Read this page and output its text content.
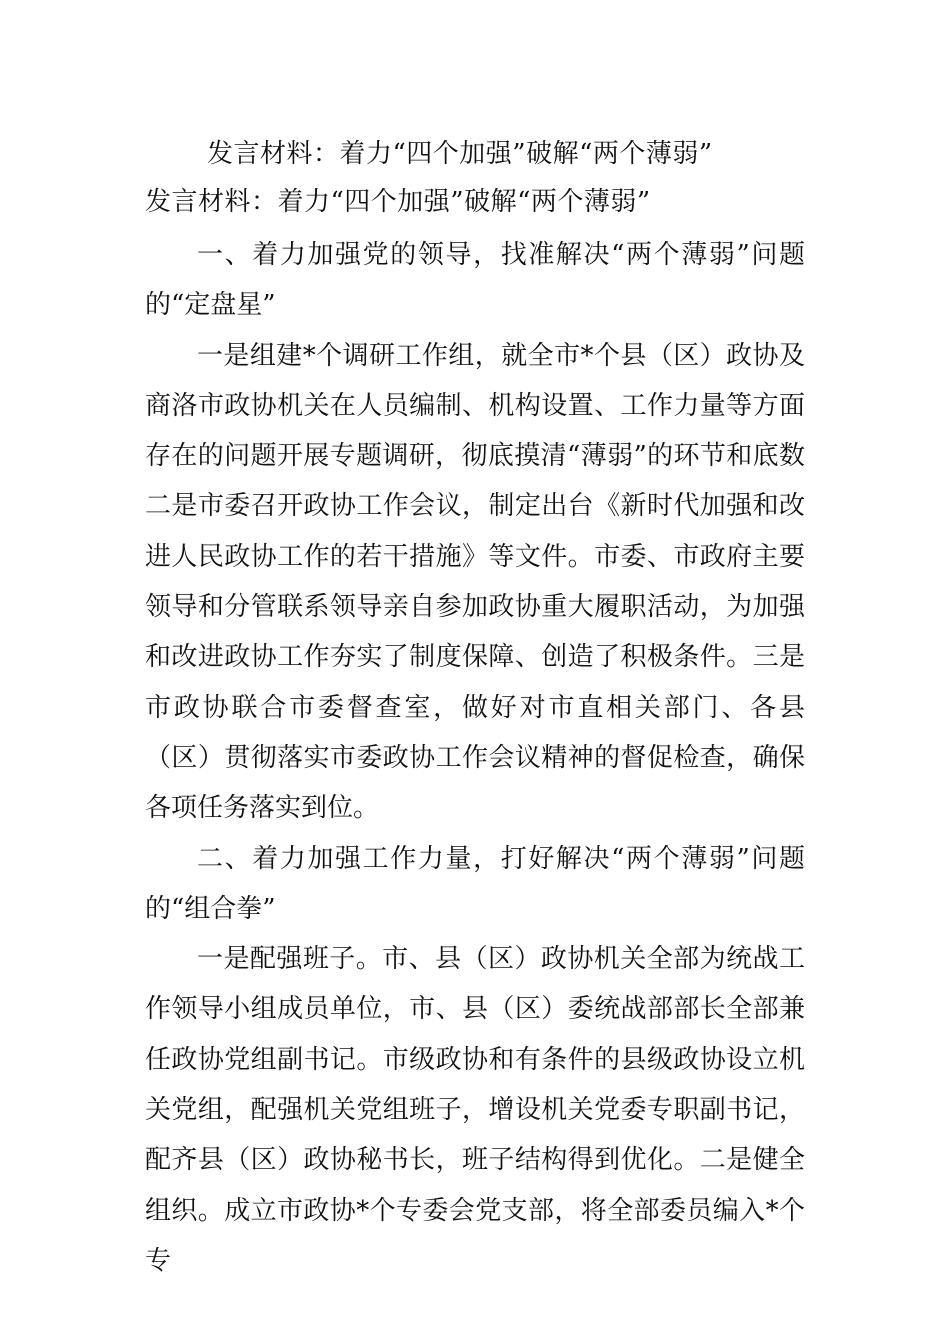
发言材料：着力“四个加强”破解“两个薄弱”
发言材料：着力“四个加强”破解“两个薄弱”

一、着力加强党的领导，找准解决“两个薄弱”问题的“定盘星”

一是组建*个调研工作组，就全市*个县（区）政协及商洛市政协机关在人员编制、机构设置、工作力量等方面存在的问题开展专题调研，彻底摸清“薄弱”的环节和底数二是市委召开政协工作会议，制定出台《新时代加强和改进人民政协工作的若干措施》等文件。市委、市政府主要领导和分管联系领导亲自参加政协重大履职活动，为加强和改进政协工作夯实了制度保障、创造了积极条件。三是市政协联合市委督查室，做好对市直相关部门、各县（区）贯彻落实市委政协工作会议精神的督促检查，确保各项任务落实到位。

二、着力加强工作力量，打好解决“两个薄弱”问题的“组合拳”

一是配强班子。市、县（区）政协机关全部为统战工作领导小组成员单位，市、县（区）委统战部部长全部兼任政协党组副书记。市级政协和有条件的县级政协设立机关党组，配强机关党组班子，增设机关党委专职副书记，配齐县（区）政协秘书长，班子结构得到优化。二是健全组织。成立市政协*个专委会党支部，将全部委员编入*个专
